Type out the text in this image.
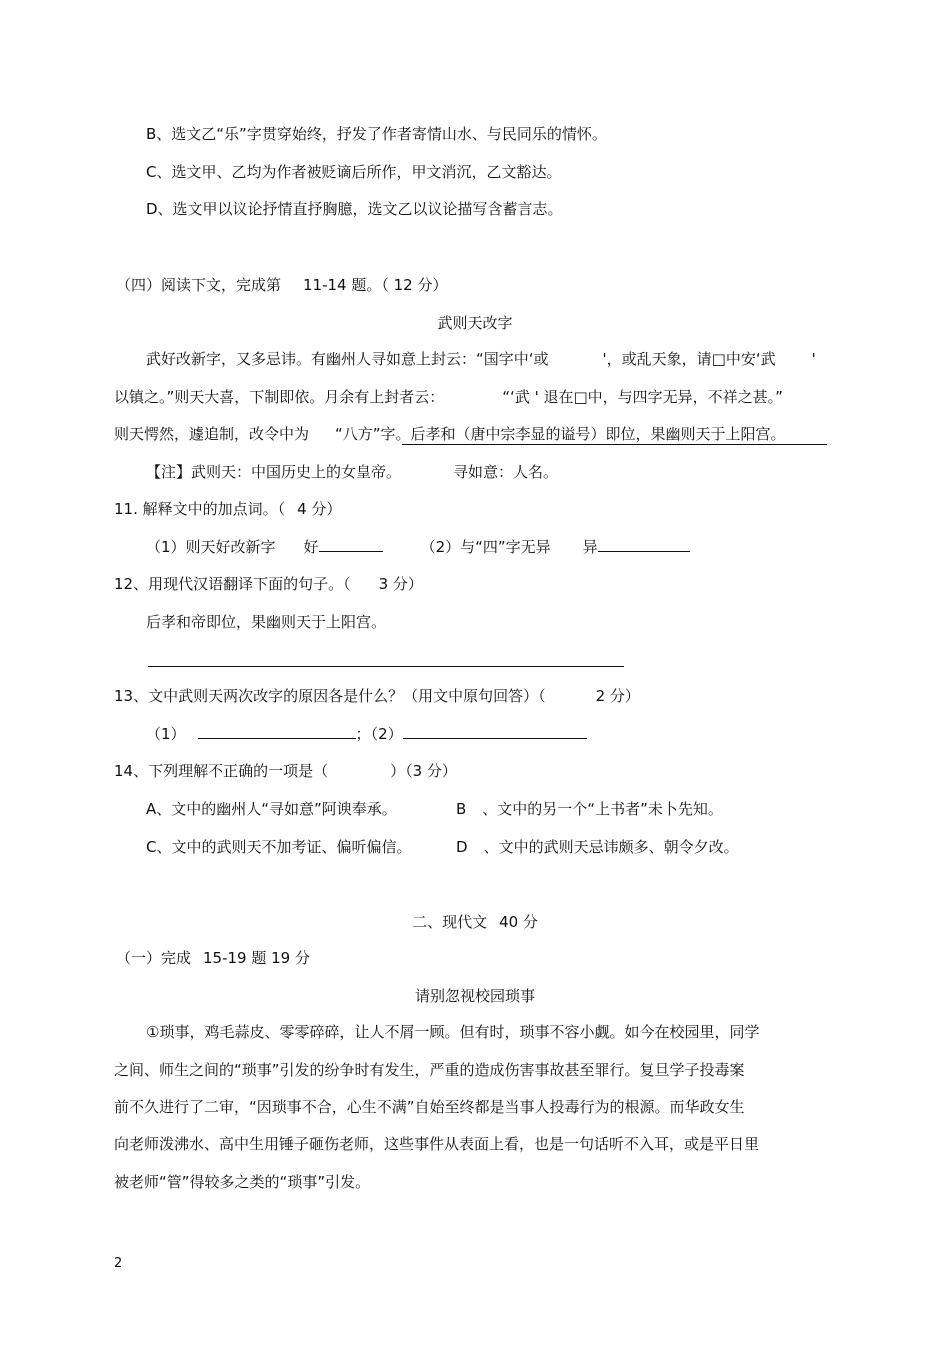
B、选文乙“乐”字贯穿始终，抒发了作者寄情山水、与民同乐的情怀。
C、选文甲、乙均为作者被贬谪后所作，甲文消沉，乙文豁达。
D、选文甲以议论抒情直抒胸臆，选文乙以议论描写含蓄言志。
（四）阅读下文，完成第 11-14 题。（ 12 分）
武则天改字
武好改新字，又多忌讳。有幽州人寻如意上封云：“国字中‘或	'，或乱天象，请□中安‘武 '
以镇之。”则天大喜，下制即依。月余有上封者云：	“‘武 ' 退在□中，与四字无异，不祥之甚。”
则天愕然，遽追制，改令中为 “八方”字。后孝和（唐中宗李显的谥号）即位，果幽则天于上阳宫。
【注】武则天：中国历史上的女皇帝。	寻如意：人名。
11. 解释文中的加点词。（ 4 分）
（1）则天好改新字 好	（2）与“四”字无异 异
12、用现代汉语翻译下面的句子。（ 3 分）
后孝和帝即位，果幽则天于上阳宫。
13、文中武则天两次改字的原因各是什么？（用文中原句回答）（	2 分）
（1）	；（2）
14、下列理解不正确的一项是（	）（3 分）
A、文中的幽州人“寻如意”阿谀奉承。	B 、文中的另一个“上书者”未卜先知。
C、文中的武则天不加考证、偏听偏信。	D 、文中的武则天忌讳颇多、朝令夕改。
二、现代文 40 分
（一）完成 15-19 题 19 分
请别忽视校园琐事
①琐事，鸡毛蒜皮、零零碎碎，让人不屑一顾。但有时，琐事不容小觑。如今在校园里，同学
之间、师生之间的“琐事”引发的纷争时有发生，严重的造成伤害事故甚至罪行。复旦学子投毒案
前不久进行了二审，“因琐事不合，心生不满”自始至终都是当事人投毒行为的根源。而华政女生
向老师泼沸水、高中生用锤子砸伤老师，这些事件从表面上看，也是一句话听不入耳，或是平日里
被老师“管”得较多之类的“琐事”引发。
2
